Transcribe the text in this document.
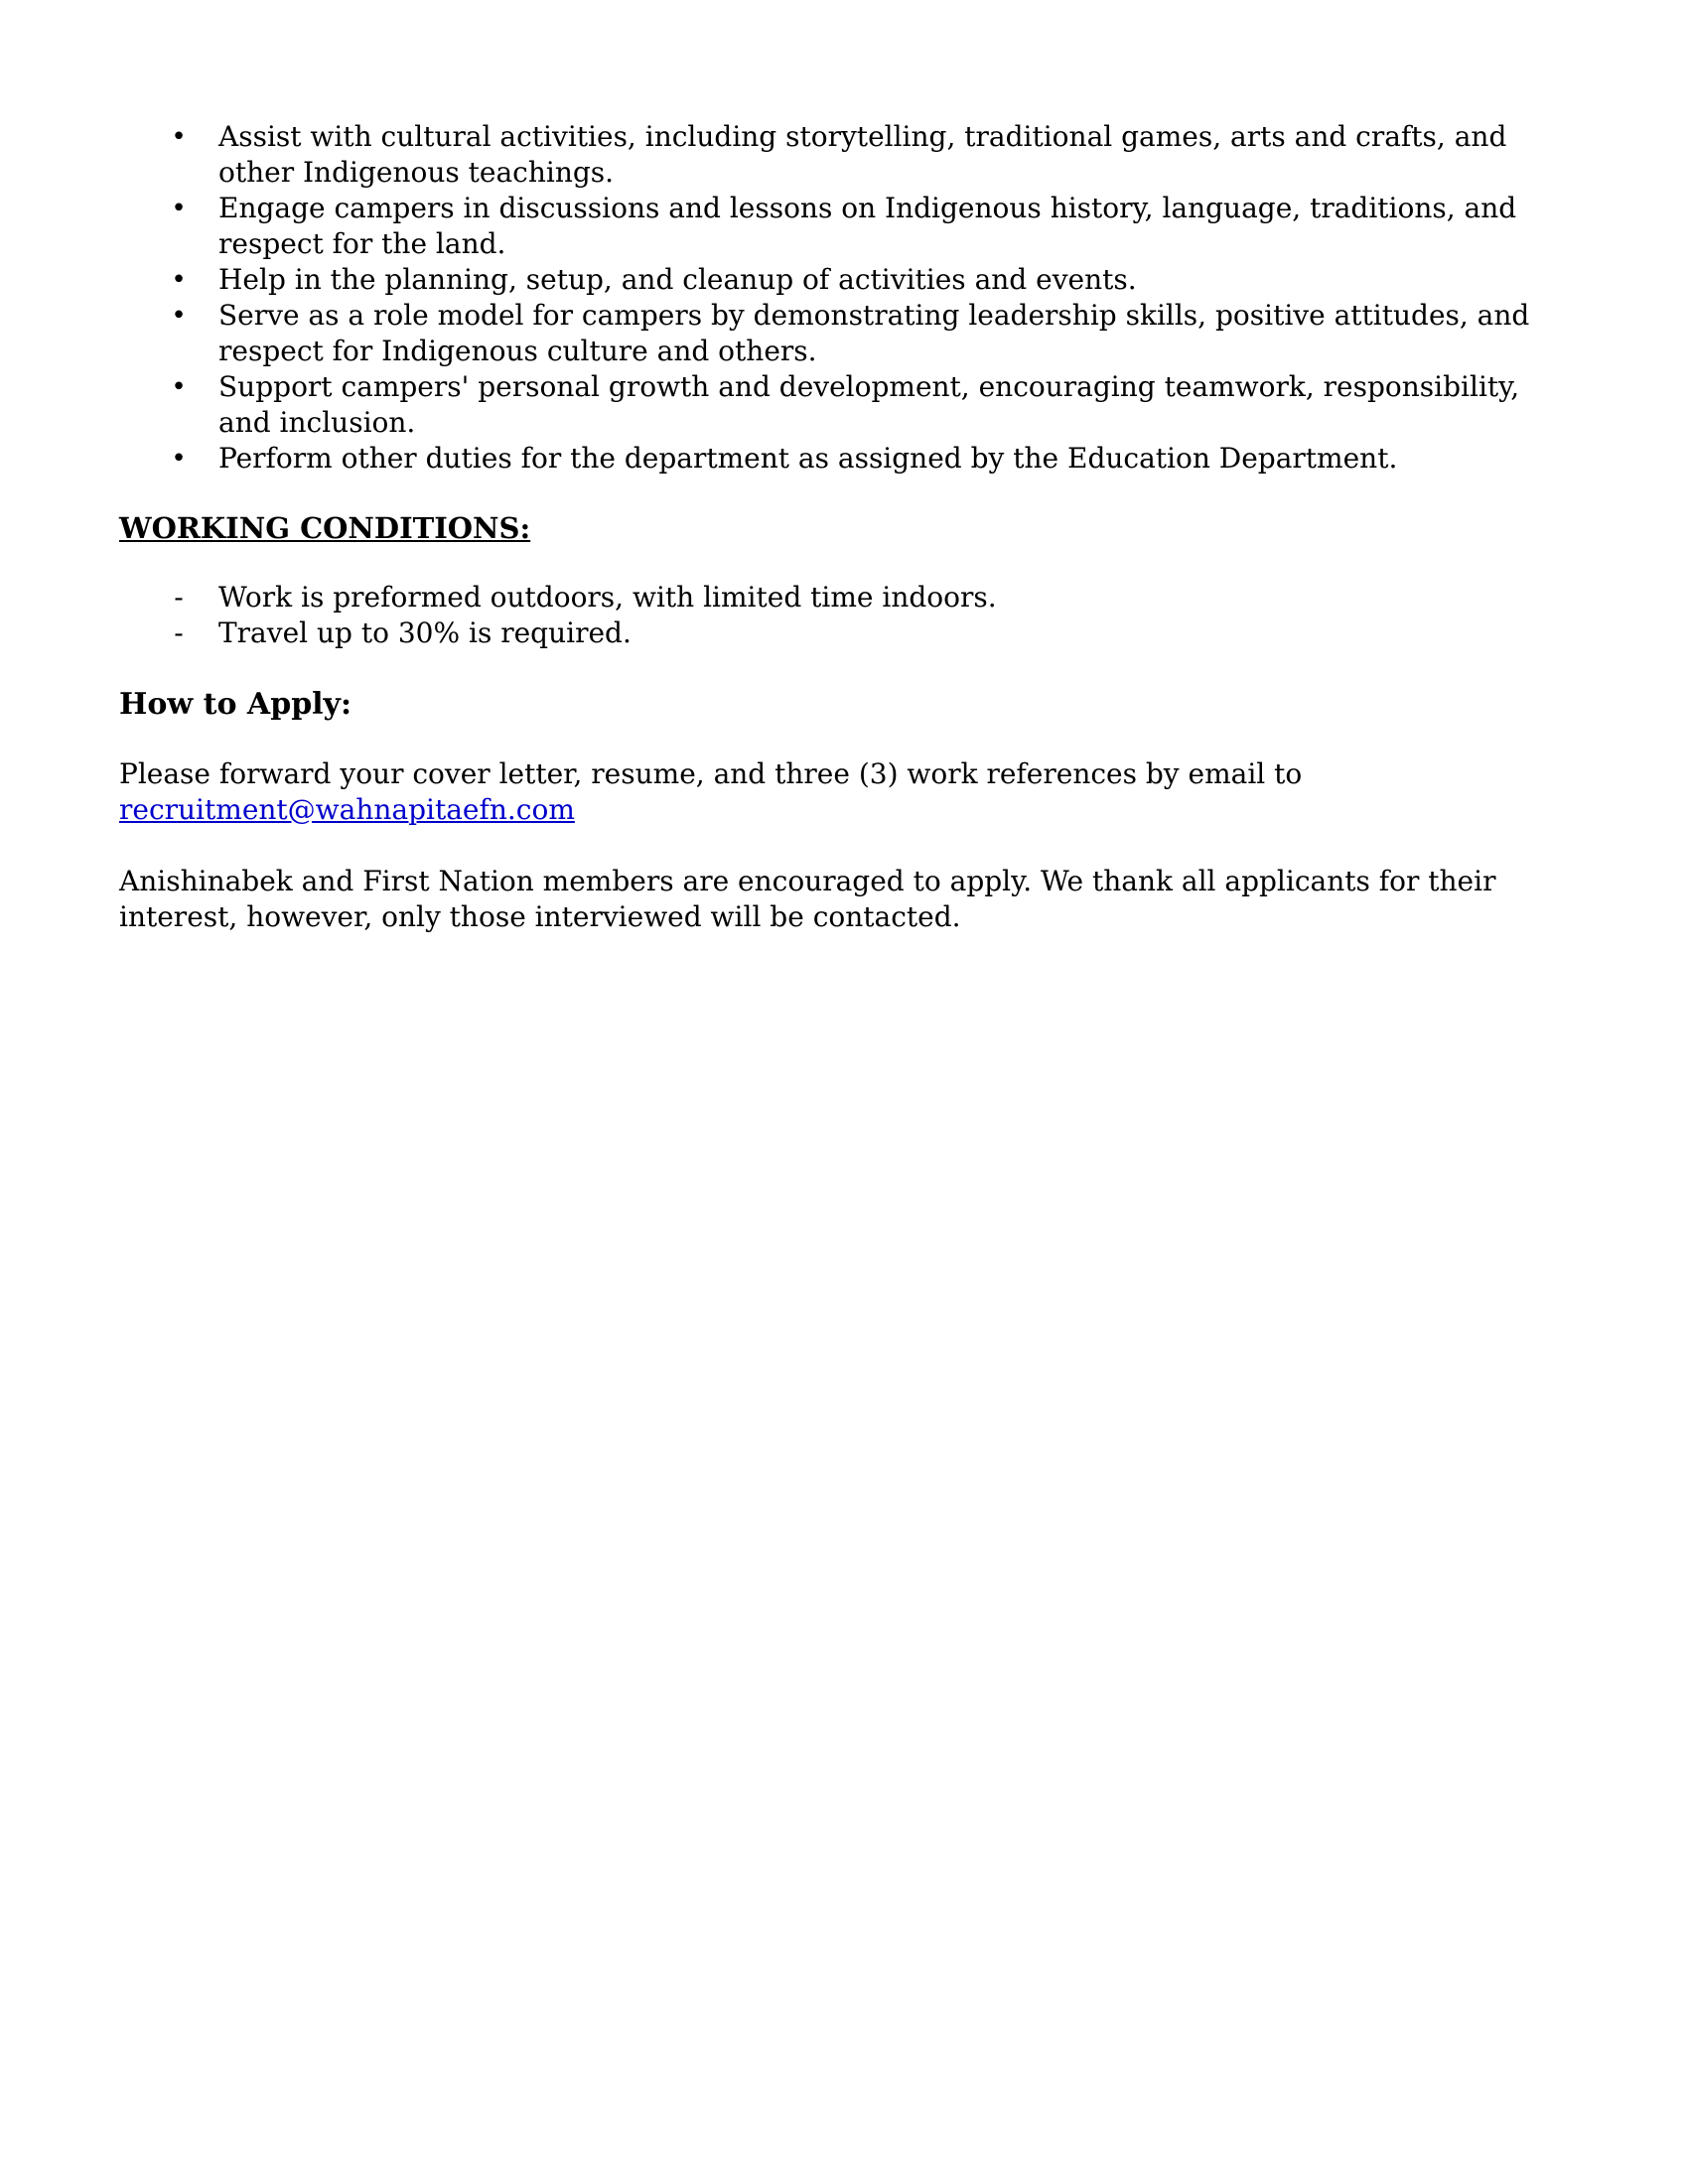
• Assist with cultural activities, including storytelling, traditional games, arts and crafts, and other Indigenous teachings.
• Engage campers in discussions and lessons on Indigenous history, language, traditions, and respect for the land.
• Help in the planning, setup, and cleanup of activities and events.
• Serve as a role model for campers by demonstrating leadership skills, positive attitudes, and respect for Indigenous culture and others.
• Support campers' personal growth and development, encouraging teamwork, responsibility, and inclusion.
• Perform other duties for the department as assigned by the Education Department.
WORKING CONDITIONS:
- Work is preformed outdoors, with limited time indoors.
- Travel up to 30% is required.
How to Apply:

Please forward your cover letter, resume, and three (3) work references by email to
recruitment@wahnapitaefn.com

Anishinabek and First Nation members are encouraged to apply. We thank all applicants for their interest, however, only those interviewed will be contacted.
